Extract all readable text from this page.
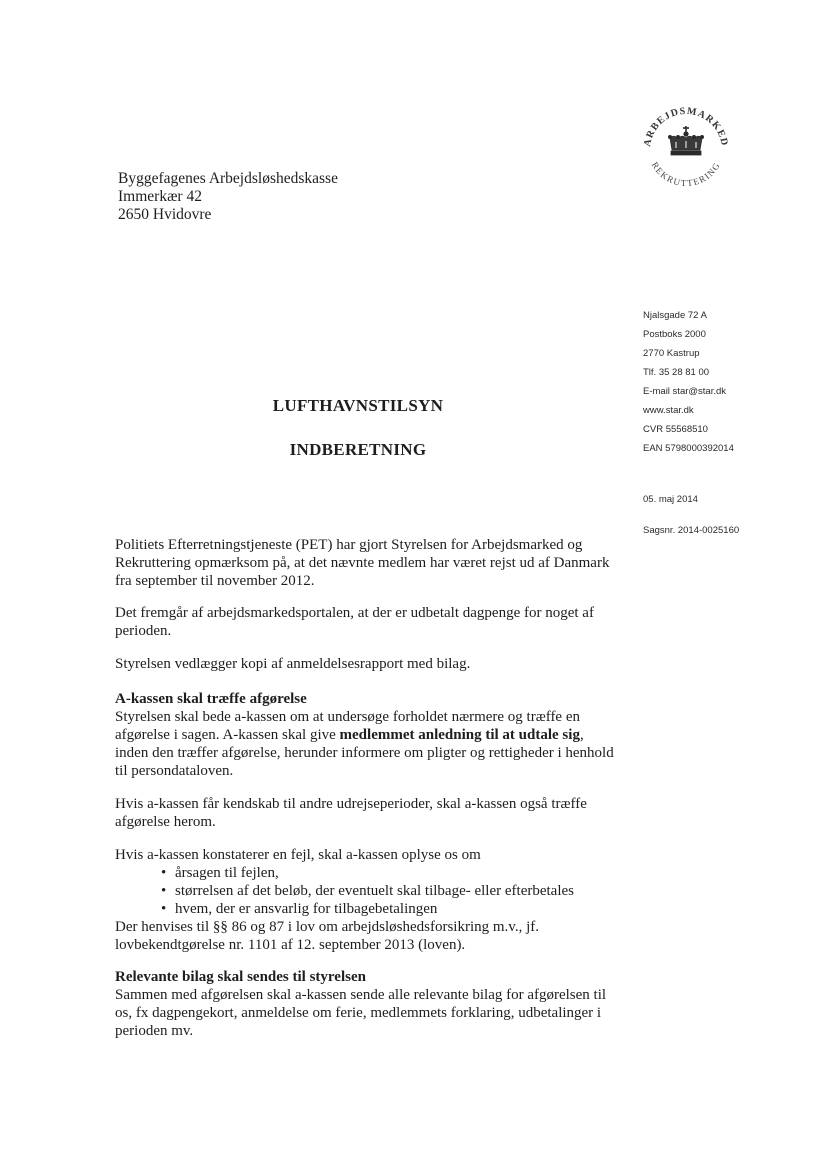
Byggefagenes Arbejdsløshedskasse
Immerkær 42
2650 Hvidovre
ARBEJDSMARKED
REKRUTTERING
Njalsgade 72 A
Postboks 2000
2770 Kastrup
Tlf. 35 28 81 00
E-mail star@star.dk
www.star.dk
CVR 55568510
EAN 5798000392014
05. maj 2014
Sagsnr. 2014-0025160
LUFTHAVNSTILSYN
INDBERETNING

Politiets Efterretningstjeneste (PET) har gjort Styrelsen for Arbejdsmarked og

Rekruttering opmærksom på, at det nævnte medlem har været rejst ud af Danmark

fra september til november 2012.

Det fremgår af arbejdsmarkedsportalen, at der er udbetalt dagpenge for noget af

perioden.

Styrelsen vedlægger kopi af anmeldelsesrapport med bilag.

A-kassen skal træffe afgørelse

Styrelsen skal bede a-kassen om at undersøge forholdet nærmere og træffe en

afgørelse i sagen. A-kassen skal give medlemmet anledning til at udtale sig,

inden den træffer afgørelse, herunder informere om pligter og rettigheder i henhold

til persondataloven.

Hvis a-kassen får kendskab til andre udrejseperioder, skal a-kassen også træffe

afgørelse herom.

Hvis a-kassen konstaterer en fejl, skal a-kassen oplyse os om

• årsagen til fejlen,
• størrelsen af det beløb, der eventuelt skal tilbage- eller efterbetales
• hvem, der er ansvarlig for tilbagebetalingen

Der henvises til §§ 86 og 87 i lov om arbejdsløshedsforsikring m.v., jf.

lovbekendtgørelse nr. 1101 af 12. september 2013 (loven).

Relevante bilag skal sendes til styrelsen

Sammen med afgørelsen skal a-kassen sende alle relevante bilag for afgørelsen til

os, fx dagpengekort, anmeldelse om ferie, medlemmets forklaring, udbetalinger i

perioden mv.
